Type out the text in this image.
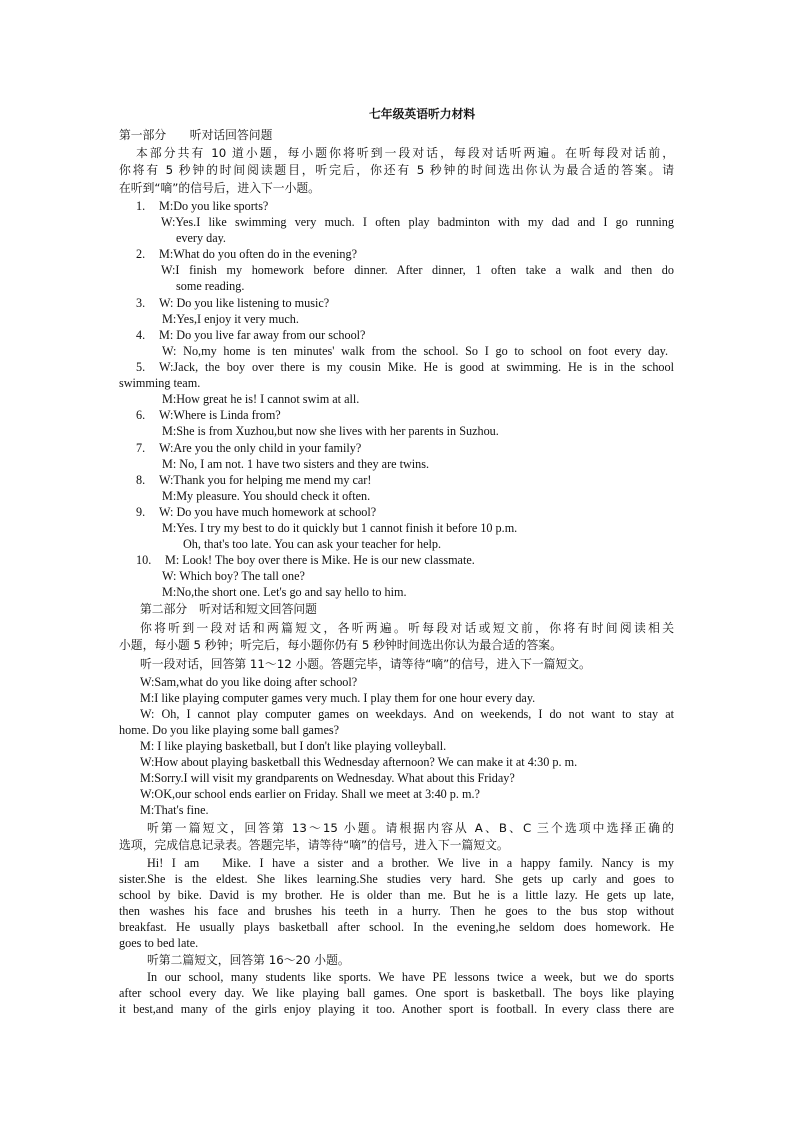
七年级英语听力材料
第一部分　　听对话回答问题
本部分共有 10 道小题，每小题你将听到一段对话，每段对话听两遍。在听每段对话前，
你将有 5 秒钟的时间阅读题目，听完后，你还有 5 秒钟的时间选出你认为最合适的答案。请
在听到“嘀”的信号后，进入下一小题。
1. M:Do you like sports?
W:Yes.I like swimming very much. I often play badminton with my dad and I go running
every day.
2. M:What do you often do in the evening?
W:I finish my homework before dinner. After dinner, 1 often take a walk and then do
some reading.
3. W: Do you like listening to music?
M:Yes,I enjoy it very much.
4. M: Do you live far away from our school?
W: No,my home is ten minutes' walk from the school. So I go to school on foot every day.
5. W:Jack, the boy over there is my cousin Mike. He is good at swimming. He is in the school
swimming team.
M:How great he is! I cannot swim at all.
6. W:Where is Linda from?
M:She is from Xuzhou,but now she lives with her parents in Suzhou.
7. W:Are you the only child in your family?
M: No, I am not. 1 have two sisters and they are twins.
8. W:Thank you for helping me mend my car!
M:My pleasure. You should check it often.
9. W: Do you have much homework at school?
M:Yes. I try my best to do it quickly but 1 cannot finish it before 10 p.m.
Oh, that's too late. You can ask your teacher for help.
10. M: Look! The boy over there is Mike. He is our new classmate.
W: Which boy? The tall one?
M:No,the short one. Let's go and say hello to him.
第二部分　听对话和短文回答问题
你将听到一段对话和两篇短文，各听两遍。听每段对话或短文前，你将有时间阅读相关
小题，每小题 5 秒钟；听完后，每小题你仍有 5 秒钟时间选出你认为最合适的答案。
听一段对话，回答第 11～12 小题。答题完毕，请等待“嘀”的信号，进入下一篇短文。
W:Sam,what do you like doing after school?
M:I like playing computer games very much. I play them for one hour every day.
W: Oh, I cannot play computer games on weekdays. And on weekends, I do not want to stay at
home. Do you like playing some ball games?
M: I like playing basketball, but I don't like playing volleyball.
W:How about playing basketball this Wednesday afternoon? We can make it at 4:30 p. m.
M:Sorry.I will visit my grandparents on Wednesday. What about this Friday?
W:OK,our school ends earlier on Friday. Shall we meet at 3:40 p. m.?
M:That's fine.
听第一篇短文，回答第 13～15 小题。请根据内容从 A、B、C 三个选项中选择正确的
选项，完成信息记录表。答题完毕，请等待“嘀”的信号，进入下一篇短文。
Hi! I am　Mike. I have a sister and a brother. We live in a happy family. Nancy is my
sister.She is the eldest. She likes learning.She studies very hard. She gets up carly and goes to
school by bike. David is my brother. He is older than me. But he is a little lazy. He gets up late,
then washes his face and brushes his teeth in a hurry. Then he goes to the bus stop without
breakfast. He usually plays basketball after school. In the evening,he seldom does homework. He
goes to bed late.
听第二篇短文，回答第 16～20 小题。
In our school, many students like sports. We have PE lessons twice a week, but we do sports
after school every day. We like playing ball games. One sport is basketball. The boys like playing
it best,and many of the girls enjoy playing it too. Another sport is football. In every class there are
